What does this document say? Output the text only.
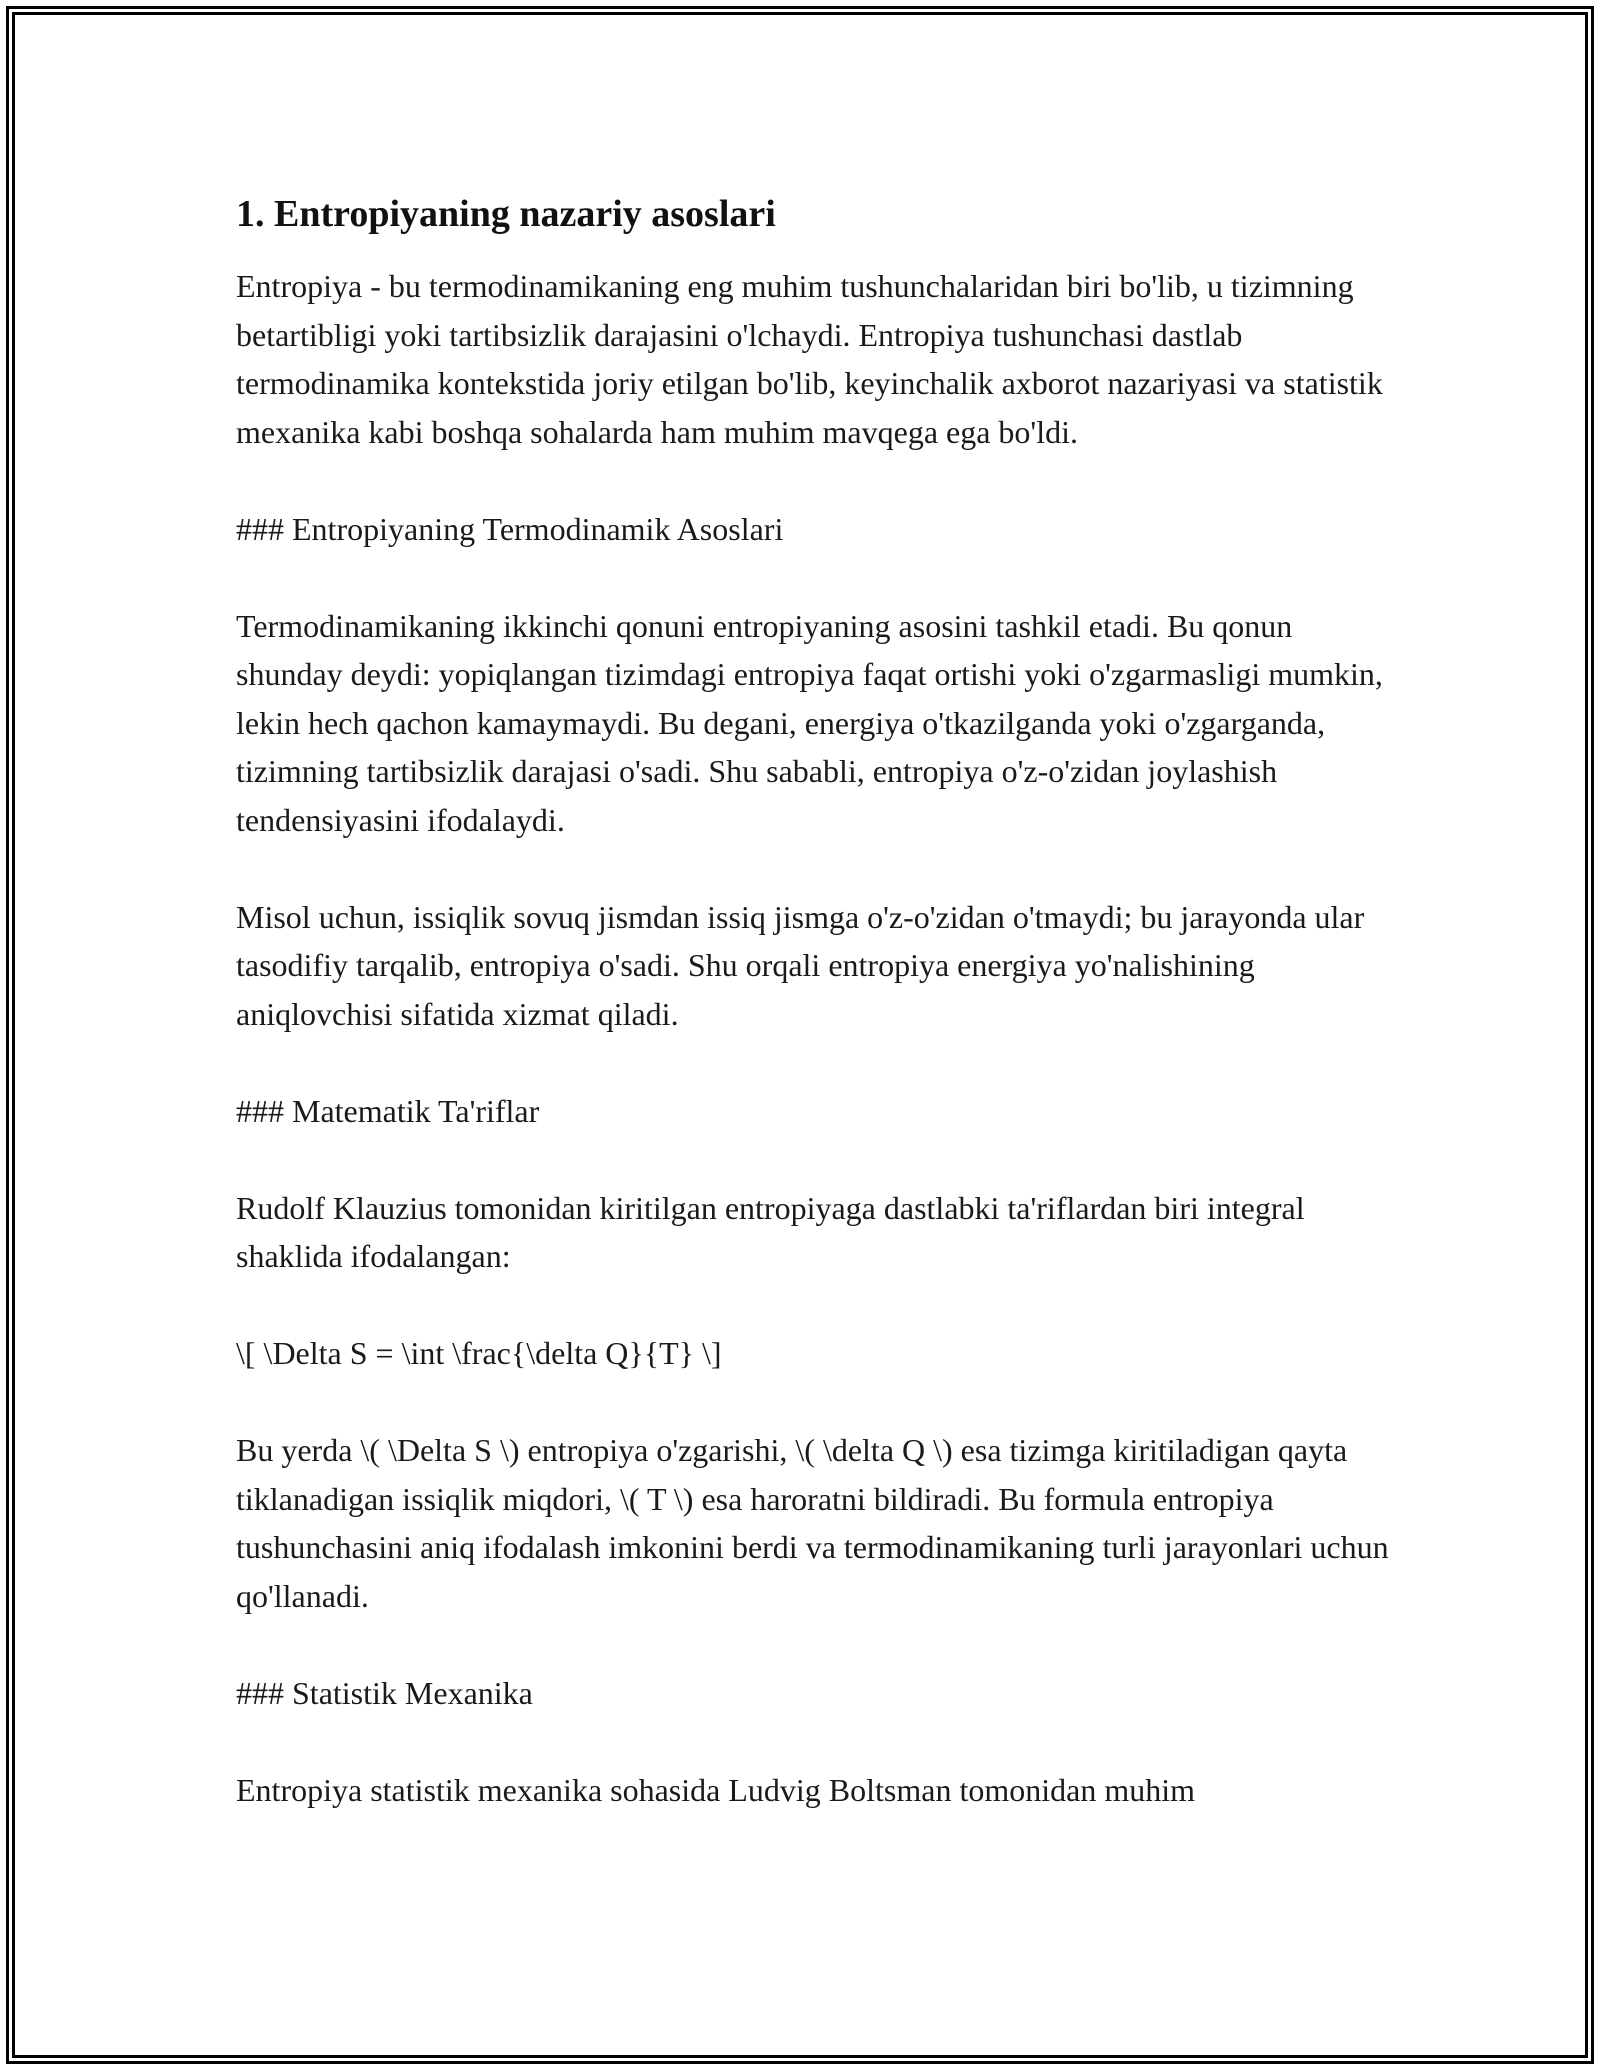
1. Entropiyaning nazariy asoslari

Entropiya - bu termodinamikaning eng muhim tushunchalaridan biri bo'lib, u tizimning betartibligi yoki tartibsizlik darajasini o'lchaydi. Entropiya tushunchasi dastlab termodinamika kontekstida joriy etilgan bo'lib, keyinchalik axborot nazariyasi va statistik mexanika kabi boshqa sohalarda ham muhim mavqega ega bo'ldi.

### Entropiyaning Termodinamik Asoslari

Termodinamikaning ikkinchi qonuni entropiyaning asosini tashkil etadi. Bu qonun shunday deydi: yopiqlangan tizimdagi entropiya faqat ortishi yoki o'zgarmasligi mumkin, lekin hech qachon kamaymaydi. Bu degani, energiya o'tkazilganda yoki o'zgarganda, tizimning tartibsizlik darajasi o'sadi. Shu sababli, entropiya o'z-o'zidan joylashish tendensiyasini ifodalaydi.

Misol uchun, issiqlik sovuq jismdan issiq jismga o'z-o'zidan o'tmaydi; bu jarayonda ular tasodifiy tarqalib, entropiya o'sadi. Shu orqali entropiya energiya yo'nalishining aniqlovchisi sifatida xizmat qiladi.

### Matematik Ta'riflar

Rudolf Klauzius tomonidan kiritilgan entropiyaga dastlabki ta'riflardan biri integral shaklida ifodalangan:

\[ \Delta S = \int \frac{\delta Q}{T} \]

Bu yerda \( \Delta S \) entropiya o'zgarishi, \( \delta Q \) esa tizimga kiritiladigan qayta tiklanadigan issiqlik miqdori, \( T \) esa haroratni bildiradi. Bu formula entropiya tushunchasini aniq ifodalash imkonini berdi va termodinamikaning turli jarayonlari uchun qo'llanadi.

### Statistik Mexanika

Entropiya statistik mexanika sohasida Ludvig Boltsman tomonidan muhim
